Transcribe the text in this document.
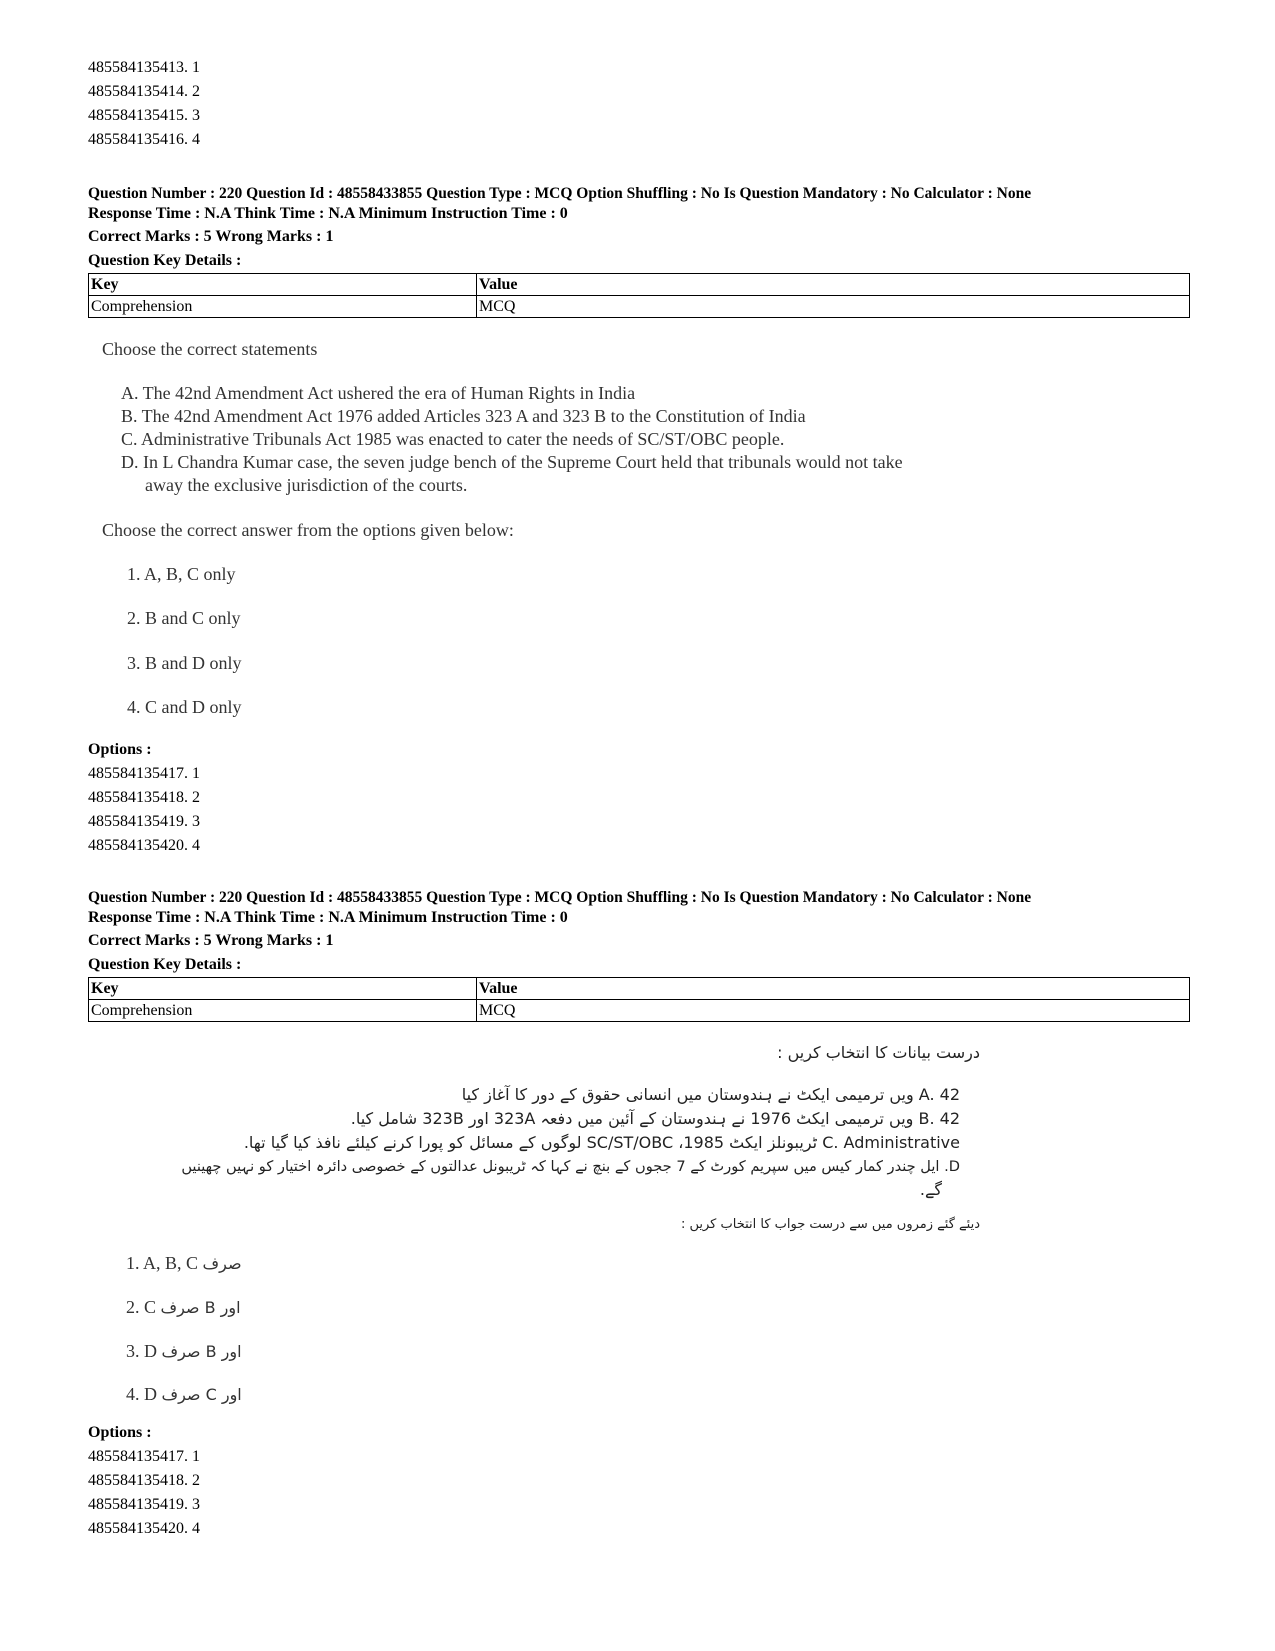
485584135413. 1
485584135414. 2
485584135415. 3
485584135416. 4
Question Number : 220 Question Id : 48558433855 Question Type : MCQ Option Shuffling : No Is Question Mandatory : No Calculator : None
Response Time : N.A Think Time : N.A Minimum Instruction Time : 0
Correct Marks : 5 Wrong Marks : 1
Question Key Details :
Key	Value
Comprehension	MCQ
Choose the correct statements
A. The 42nd Amendment Act ushered the era of Human Rights in India
B. The 42nd Amendment Act 1976 added Articles 323 A and 323 B to the Constitution of India
C. Administrative Tribunals Act 1985 was enacted to cater the needs of SC/ST/OBC people.
D. In L Chandra Kumar case, the seven judge bench of the Supreme Court held that tribunals would not take
away the exclusive jurisdiction of the courts.
Choose the correct answer from the options given below:
1. A, B, C only
2. B and C only
3. B and D only
4. C and D only
Options :
485584135417. 1
485584135418. 2
485584135419. 3
485584135420. 4
Question Number : 220 Question Id : 48558433855 Question Type : MCQ Option Shuffling : No Is Question Mandatory : No Calculator : None
Response Time : N.A Think Time : N.A Minimum Instruction Time : 0
Correct Marks : 5 Wrong Marks : 1
Question Key Details :
Key	Value
Comprehension	MCQ
درست بیانات کا انتخاب کریں :
A. 42 ویں ترمیمی ایکٹ نے ہندوستان میں انسانی حقوق کے دور کا آغاز کیا
B. 42 ویں ترمیمی ایکٹ 1976 نے ہندوستان کے آئین میں دفعہ 323A اور 323B شامل کیا.
C. Administrative ٹریبونلز ایکٹ 1985، SC/ST/OBC لوگوں کے مسائل کو پورا کرنے کیلئے نافذ کیا گیا تھا.
D. ایل چندر کمار کیس میں سپریم کورٹ کے 7 ججوں کے بنچ نے کہا کہ ٹریبونل عدالتوں کے خصوصی دائرہ اختیار کو نہیں چھینیں
گے.
دیئے گئے زمروں میں سے درست جواب کا انتخاب کریں :
1. A, B, C صرف
2. C اور B صرف
3. D اور B صرف
4. D اور C صرف
Options :
485584135417. 1
485584135418. 2
485584135419. 3
485584135420. 4
